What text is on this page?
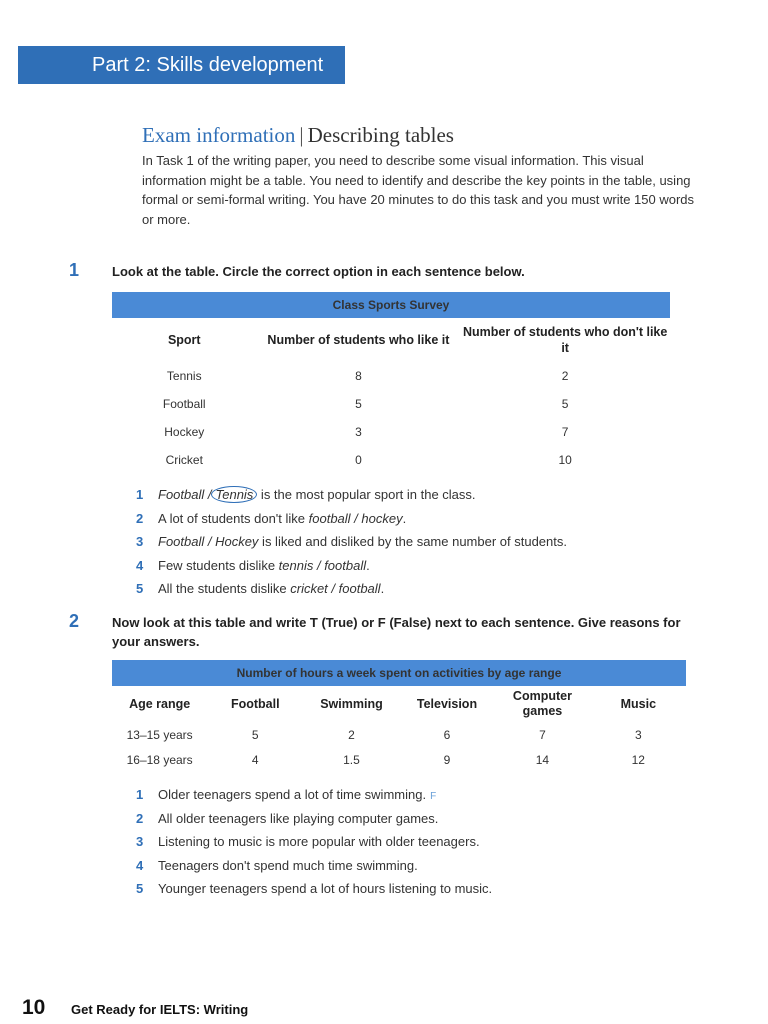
Part 2: Skills development
Exam information | Describing tables
In Task 1 of the writing paper, you need to describe some visual information. This visual information might be a table. You need to identify and describe the key points in the table, using formal or semi-formal writing. You have 20 minutes to do this task and you must write 150 words or more.
1	Look at the table. Circle the correct option in each sentence below.
Class Sports Survey		
Sport	Number of students who like it	Number of students who don't like it
Tennis	8	2
Football	5	5
Hockey	3	7
Cricket	0	10
1 Football / Tennis is the most popular sport in the class.
2 A lot of students don't like football / hockey.
3 Football / Hockey is liked and disliked by the same number of students.
4 Few students dislike tennis / football.
5 All the students dislike cricket / football.
2	Now look at this table and write T (True) or F (False) next to each sentence. Give reasons for your answers.
Number of hours a week spent on activities by age range					
Age range	Football	Swimming	Television	Computer games	Music
13–15 years	5	2	6	7	3
16–18 years	4	1.5	9	14	12
1 Older teenagers spend a lot of time swimming. F
2 All older teenagers like playing computer games.
3 Listening to music is more popular with older teenagers.
4 Teenagers don't spend much time swimming.
5 Younger teenagers spend a lot of hours listening to music.
10 Get Ready for IELTS: Writing
